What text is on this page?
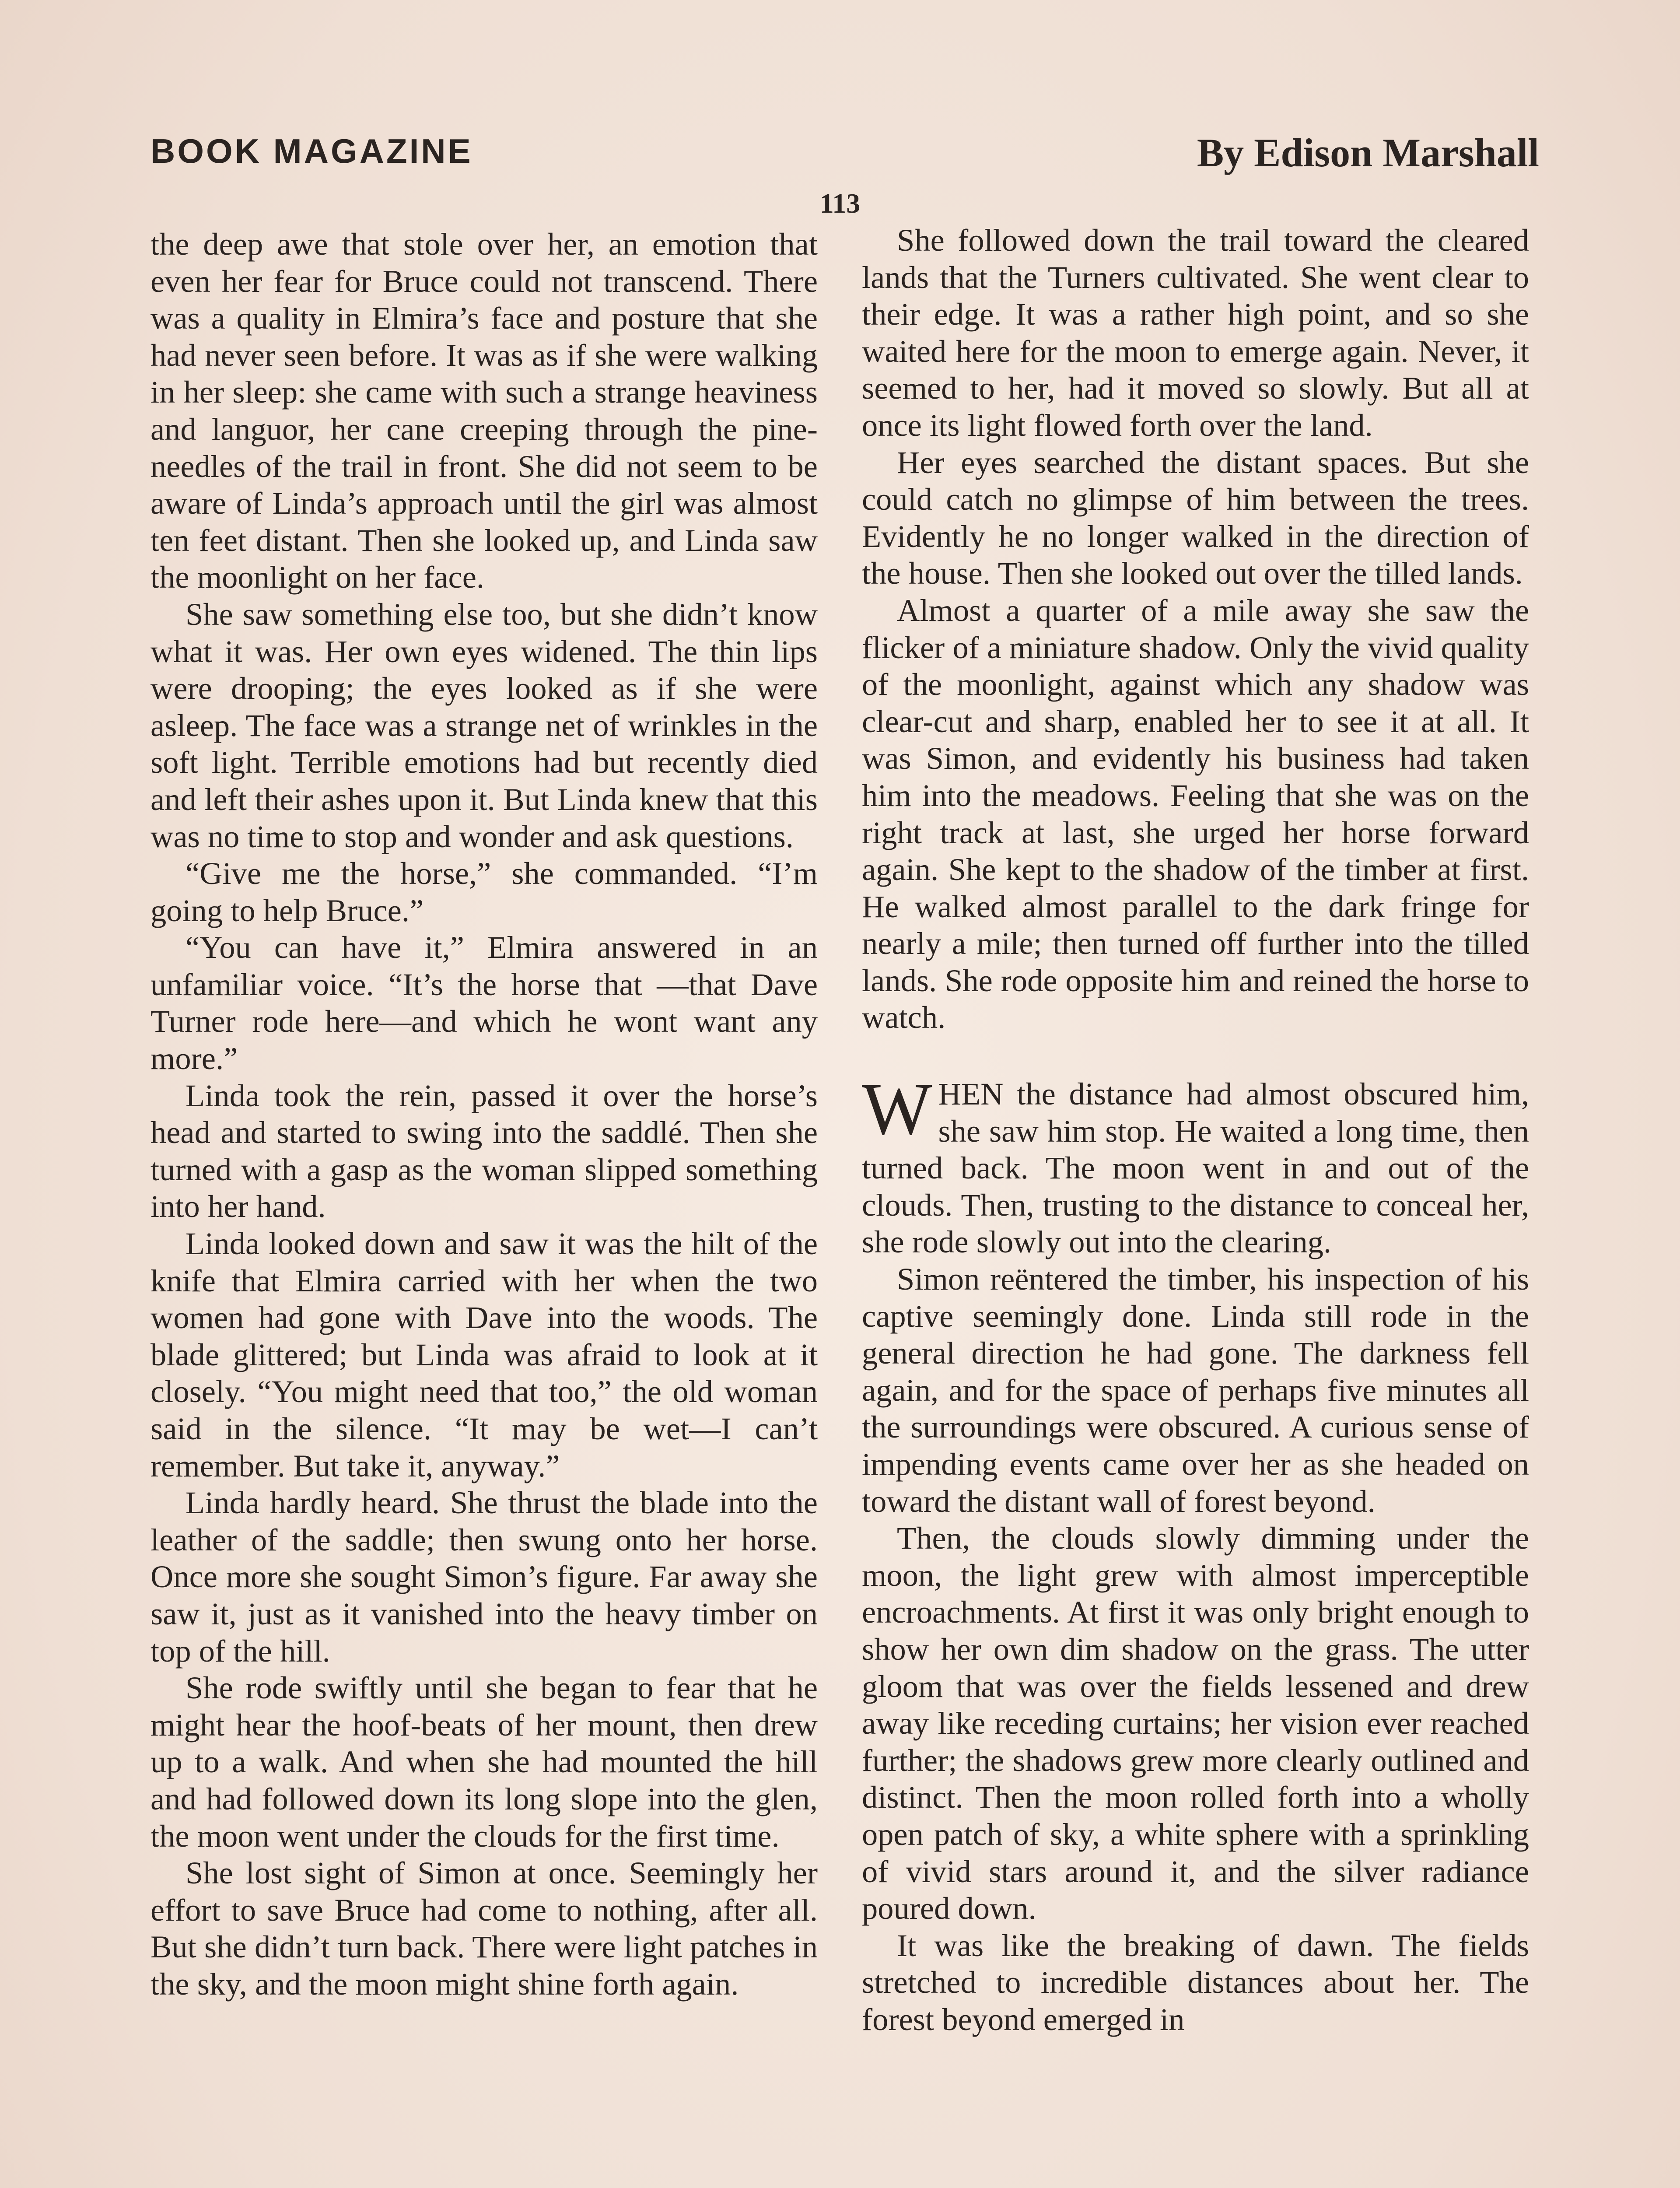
BOOK MAGAZINE	By Edison Marshall
113

the deep awe that stole over her, an emotion that even her fear for Bruce could not transcend. There was a quality in Elmira’s face and posture that she had never seen before. It was as if she were walking in her sleep: she came with such a strange heaviness and languor, her cane creeping through the pine-needles of the trail in front. She did not seem to be aware of Linda’s approach until the girl was almost ten feet distant. Then she looked up, and Linda saw the moonlight on her face.

She saw something else too, but she didn’t know what it was. Her own eyes widened. The thin lips were drooping; the eyes looked as if she were asleep. The face was a strange net of wrinkles in the soft light. Terrible emotions had but recently died and left their ashes upon it. But Linda knew that this was no time to stop and wonder and ask questions.

“Give me the horse,” she commanded. “I’m going to help Bruce.”

“You can have it,” Elmira answered in an unfamiliar voice. “It’s the horse that —that Dave Turner rode here—and which he wont want any more.”

Linda took the rein, passed it over the horse’s head and started to swing into the saddlé. Then she turned with a gasp as the woman slipped something into her hand.

Linda looked down and saw it was the hilt of the knife that Elmira carried with her when the two women had gone with Dave into the woods. The blade glittered; but Linda was afraid to look at it closely. “You might need that too,” the old woman said in the silence. “It may be wet—I can’t remember. But take it, anyway.”

Linda hardly heard. She thrust the blade into the leather of the saddle; then swung onto her horse. Once more she sought Simon’s figure. Far away she saw it, just as it vanished into the heavy timber on top of the hill.

She rode swiftly until she began to fear that he might hear the hoof-beats of her mount, then drew up to a walk. And when she had mounted the hill and had followed down its long slope into the glen, the moon went under the clouds for the first time.

She lost sight of Simon at once. Seemingly her effort to save Bruce had come to nothing, after all. But she didn’t turn back. There were light patches in the sky, and the moon might shine forth again.

She followed down the trail toward the cleared lands that the Turners cultivated. She went clear to their edge. It was a rather high point, and so she waited here for the moon to emerge again. Never, it seemed to her, had it moved so slowly. But all at once its light flowed forth over the land.

Her eyes searched the distant spaces. But she could catch no glimpse of him between the trees. Evidently he no longer walked in the direction of the house. Then she looked out over the tilled lands.

Almost a quarter of a mile away she saw the flicker of a miniature shadow. Only the vivid quality of the moonlight, against which any shadow was clear-cut and sharp, enabled her to see it at all. It was Simon, and evidently his business had taken him into the meadows. Feeling that she was on the right track at last, she urged her horse forward again. She kept to the shadow of the timber at first. He walked almost parallel to the dark fringe for nearly a mile; then turned off further into the tilled lands. She rode opposite him and reined the horse to watch.

WHEN the distance had almost obscured him, she saw him stop. He waited a long time, then turned back. The moon went in and out of the clouds. Then, trusting to the distance to conceal her, she rode slowly out into the clearing.

Simon reëntered the timber, his inspection of his captive seemingly done. Linda still rode in the general direction he had gone. The darkness fell again, and for the space of perhaps five minutes all the surroundings were obscured. A curious sense of impending events came over her as she headed on toward the distant wall of forest beyond.

Then, the clouds slowly dimming under the moon, the light grew with almost imperceptible encroachments. At first it was only bright enough to show her own dim shadow on the grass. The utter gloom that was over the fields lessened and drew away like receding curtains; her vision ever reached further; the shadows grew more clearly outlined and distinct. Then the moon rolled forth into a wholly open patch of sky, a white sphere with a sprinkling of vivid stars around it, and the silver radiance poured down.

It was like the breaking of dawn. The fields stretched to incredible distances about her. The forest beyond emerged in
